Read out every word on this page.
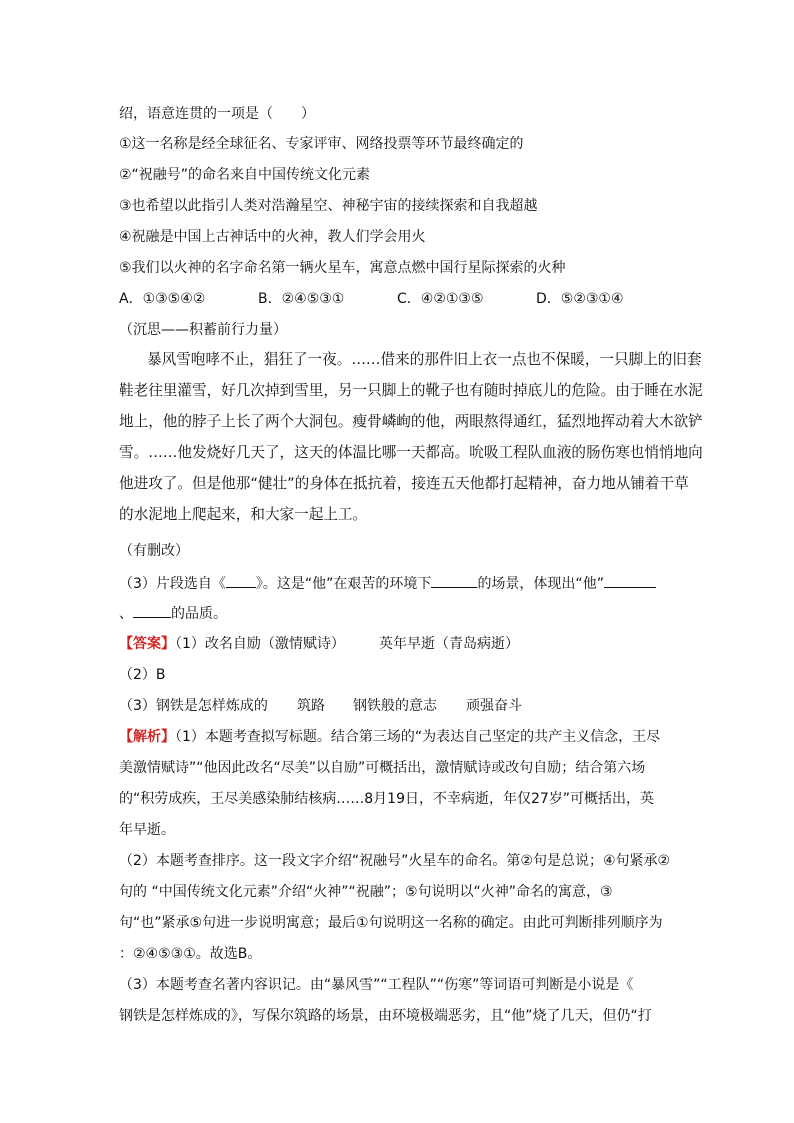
绍，语意连贯的一项是（　　）
①这一名称是经全球征名、专家评审、网络投票等环节最终确定的
②“祝融号”的命名来自中国传统文化元素
③也希望以此指引人类对浩瀚星空、神秘宇宙的接续探索和自我超越
④祝融是中国上古神话中的火神，教人们学会用火
⑤我们以火神的名字命名第一辆火星车，寓意点燃中国行星际探索的火种
A．①③⑤④②	B．②④⑤③①	C．④②①③⑤	D．⑤②③①④
（沉思——积蓄前行力量）
暴风雪咆哮不止，猖狂了一夜。……借来的那件旧上衣一点也不保暖，一只脚上的旧套
鞋老往里灌雪，好几次掉到雪里，另一只脚上的靴子也有随时掉底儿的危险。由于睡在水泥
地上，他的脖子上长了两个大洞包。瘦骨嶙峋的他，两眼熬得通红，猛烈地挥动着大木欲铲
雪。……他发烧好几天了，这天的体温比哪一天都高。吮吸工程队血液的肠伤寒也悄悄地向
他进攻了。但是他那“健壮”的身体在抵抗着，接连五天他都打起精神，奋力地从铺着干草
的水泥地上爬起来，和大家一起上工。
（有删改）
（3）片段选自《 》。这是“他”在艰苦的环境下	的场景，体现出“他”
、	的品质。
【答案】（1）改名自励（激情赋诗） 英年早逝（青岛病逝）
（2）B
（3）钢铁是怎样炼成的 筑路 钢铁般的意志 顽强奋斗
【解析】（1）本题考查拟写标题。结合第三场的“为表达自己坚定的共产主义信念，王尽
美激情赋诗”“他因此改名“尽美”以自励”可概括出，激情赋诗或改句自励；结合第六场
的“积劳成疾，王尽美感染肺结核病……8月19日，不幸病逝，年仅27岁”可概括出，英
年早逝。
（2）本题考查排序。这一段文字介绍“祝融号”火星车的命名。第②句是总说；④句紧承②
句的 “中国传统文化元素”介绍“火神”“祝融”；⑤句说明以“火神”命名的寓意，③
句“也”紧承⑤句进一步说明寓意；最后①句说明这一名称的确定。由此可判断排列顺序为
：②④⑤③①。故选B。
（3）本题考查名著内容识记。由“暴风雪”“工程队”“伤寒”等词语可判断是小说是《
钢铁是怎样炼成的》，写保尔筑路的场景，由环境极端恶劣，且“他”烧了几天，但仍“打
